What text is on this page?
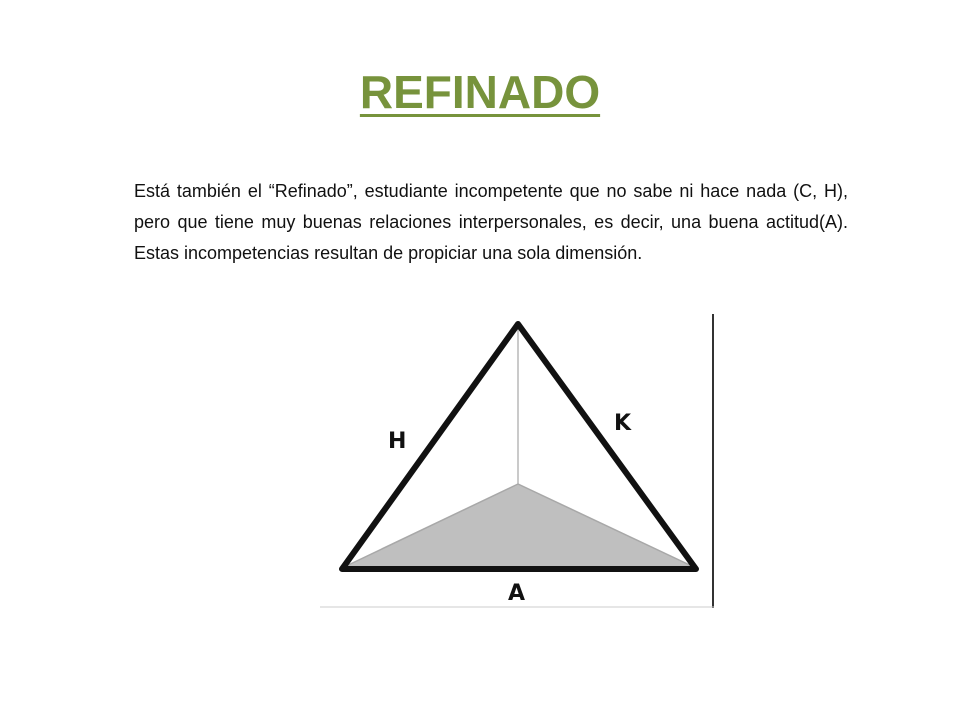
REFINADO

Está también el “Refinado”, estudiante incompetente que no sabe ni hace nada (C, H), pero que tiene muy buenas relaciones interpersonales, es decir, una buena actitud(A). Estas incompetencias resultan de propiciar una sola dimensión.

H
K
A
